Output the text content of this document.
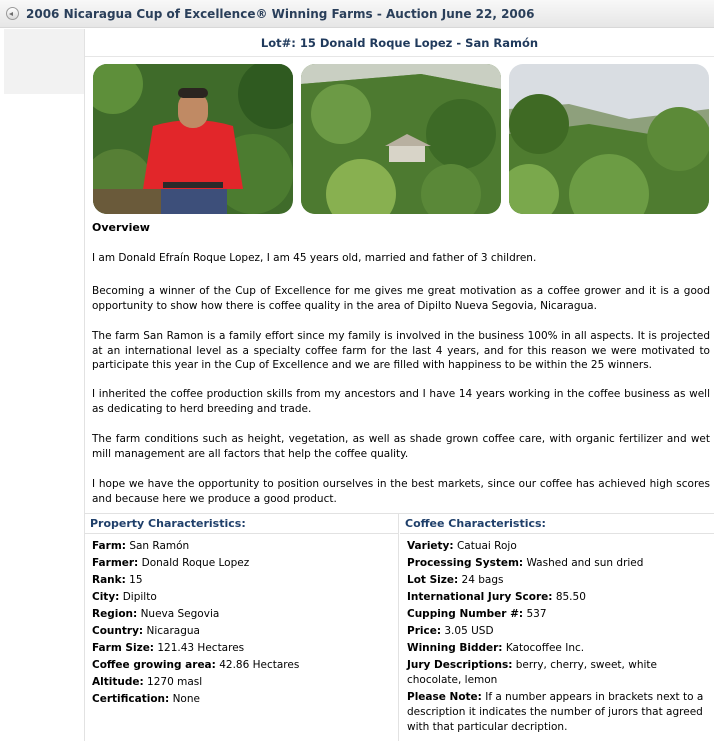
2006 Nicaragua Cup of Excellence® Winning Farms - Auction June 22, 2006
Lot#: 15 Donald Roque Lopez - San Ramón
Overview

I am Donald Efraín Roque Lopez, I am 45 years old, married and father of 3 children.

Becoming a winner of the Cup of Excellence for me gives me great motivation as a coffee grower and it is a good opportunity to show how there is coffee quality in the area of Dipilto Nueva Segovia, Nicaragua.

The farm San Ramon is a family effort since my family is involved in the business 100% in all aspects. It is projected at an international level as a specialty coffee farm for the last 4 years, and for this reason we were motivated to participate this year in the Cup of Excellence and we are filled with happiness to be within the 25 winners.

I inherited the coffee production skills from my ancestors and I have 14 years working in the coffee business as well as dedicating to herd breeding and trade.

The farm conditions such as height, vegetation, as well as shade grown coffee care, with organic fertilizer and wet mill management are all factors that help the coffee quality.

I hope we have the opportunity to position ourselves in the best markets, since our coffee has achieved high scores and because here we produce a good product.

Property Characteristics:
Farm: San Ramón
Farmer: Donald Roque Lopez
Rank: 15
City: Dipilto
Region: Nueva Segovia
Country: Nicaragua
Farm Size: 121.43 Hectares
Coffee growing area: 42.86 Hectares
Altitude: 1270 masl
Certification: None
Coffee Characteristics:
Variety: Catuai Rojo
Processing System: Washed and sun dried
Lot Size: 24 bags
International Jury Score: 85.50
Cupping Number #: 537
Price: 3.05 USD
Winning Bidder: Katocoffee Inc.
Jury Descriptions: berry, cherry, sweet, white chocolate, lemon
Please Note: If a number appears in brackets next to a description it indicates the number of jurors that agreed with that particular decription.
